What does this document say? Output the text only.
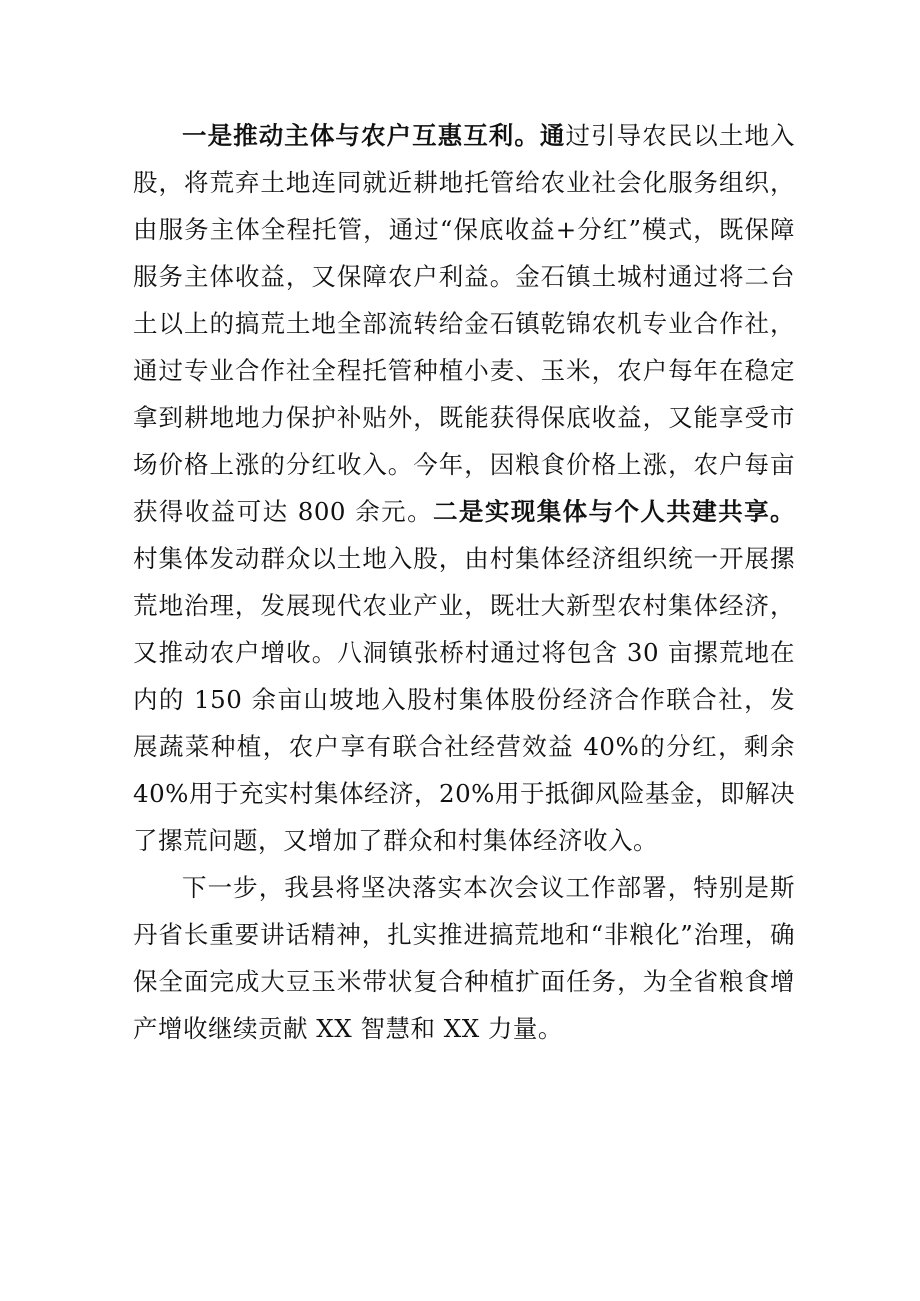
一是推动主体与农户互惠互利。通过引导农民以土地入股，将荒弃土地连同就近耕地托管给农业社会化服务组织，由服务主体全程托管，通过“保底收益+分红”模式，既保障服务主体收益，又保障农户利益。金石镇土城村通过将二台土以上的搞荒土地全部流转给金石镇乾锦农机专业合作社，通过专业合作社全程托管种植小麦、玉米，农户每年在稳定拿到耕地地力保护补贴外，既能获得保底收益，又能享受市场价格上涨的分红收入。今年，因粮食价格上涨，农户每亩获得收益可达 800 余元。二是实现集体与个人共建共享。村集体发动群众以土地入股，由村集体经济组织统一开展摞荒地治理，发展现代农业产业，既壮大新型农村集体经济，又推动农户增收。八洞镇张桥村通过将包含 30 亩摞荒地在内的 150 余亩山坡地入股村集体股份经济合作联合社，发展蔬菜种植，农户享有联合社经营效益 40%的分红，剩余 40%用于充实村集体经济，20%用于抵御风险基金，即解决了摞荒问题，又增加了群众和村集体经济收入。

下一步，我县将坚决落实本次会议工作部署，特别是斯丹省长重要讲话精神，扎实推进搞荒地和“非粮化”治理，确保全面完成大豆玉米带状复合种植扩面任务，为全省粮食增产增收继续贡献 XX 智慧和 XX 力量。
